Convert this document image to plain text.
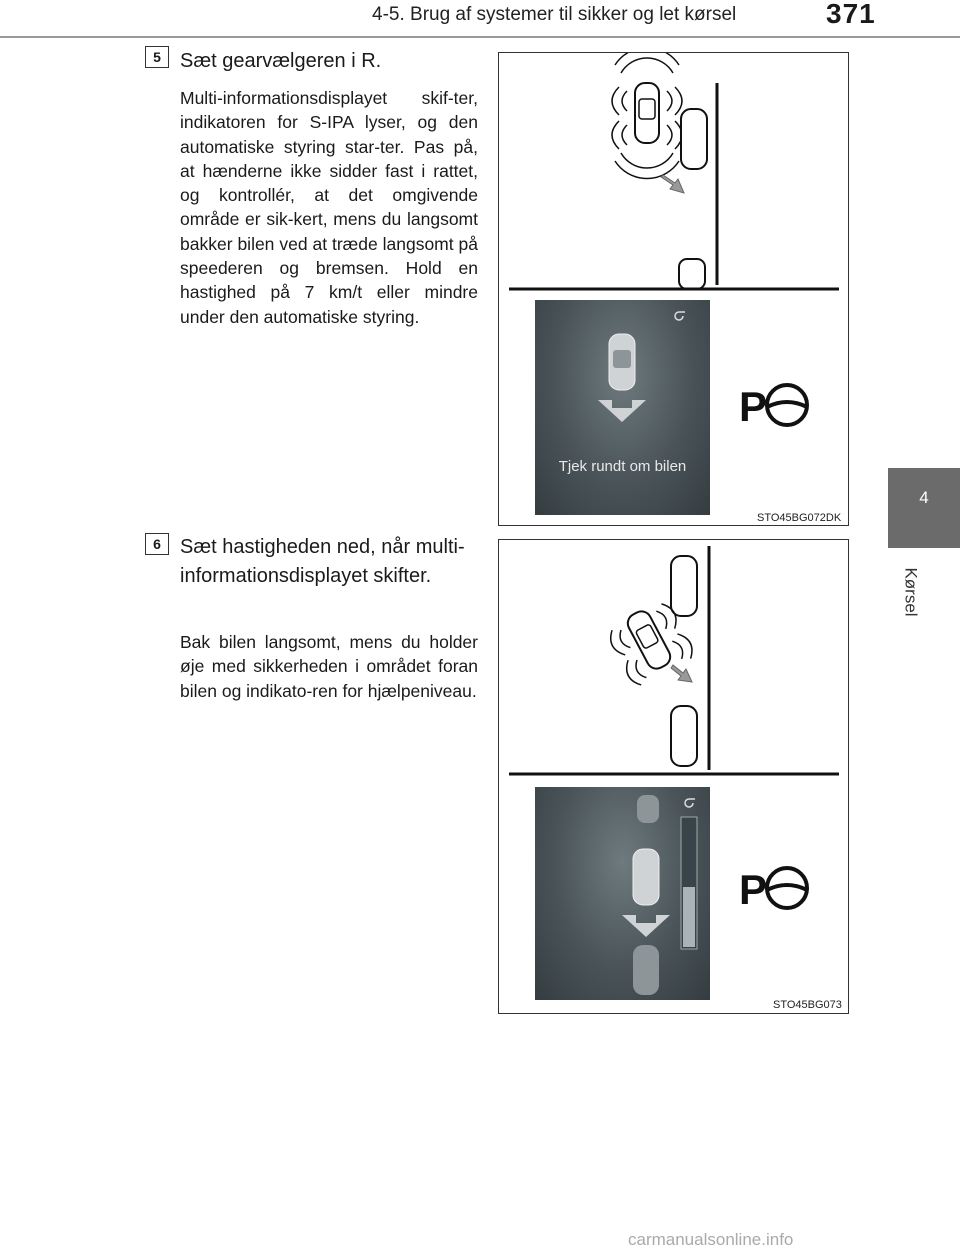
4-5. Brug af systemer til sikker og let kørsel	371
4
Kørsel
5 Sæt gearvælgeren i R.
Multi-informationsdisplayet skif-ter, indikatoren for S-IPA lyser, og den automatiske styring star-ter. Pas på, at hænderne ikke sidder fast i rattet, og kontrollér, at det omgivende område er sik-kert, mens du langsomt bakker bilen ved at træde langsomt på speederen og bremsen. Hold en hastighed på 7 km/t eller mindre under den automatiske styring.
Tjek rundt om bilen
P
STO45BG072DK
6 Sæt hastigheden ned, når multi-informationsdisplayet skifter.
Bak bilen langsomt, mens du holder øje med sikkerheden i området foran bilen og indikato-ren for hjælpeniveau.
P
STO45BG073
carmanualsonline.info
